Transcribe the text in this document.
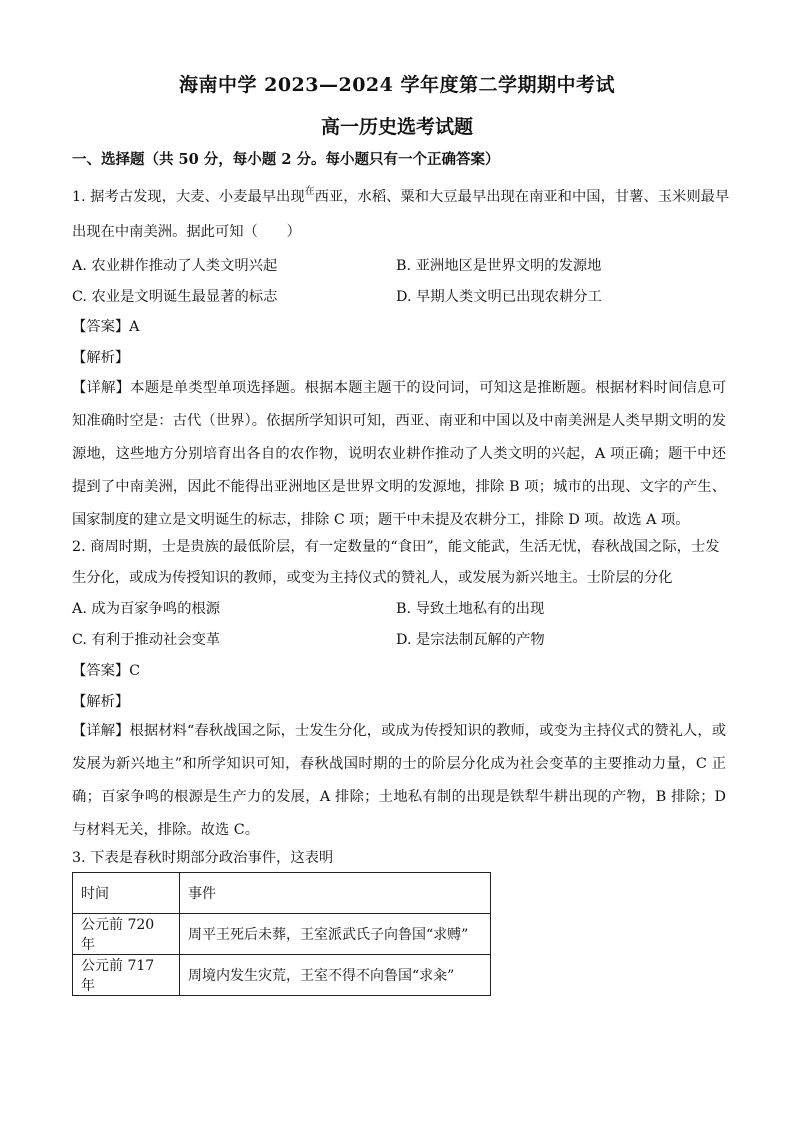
海南中学 2023—2024 学年度第二学期期中考试
高一历史选考试题
一、选择题（共 50 分，每小题 2 分。每小题只有一个正确答案）
1. 据考古发现，大麦、小麦最早出现$^在$西亚，水稻、粟和大豆最早出现在南亚和中国，甘薯、玉米则最早
出现在中南美洲。据此可知（　　）
A. 农业耕作推动了人类文明兴起	B. 亚洲地区是世界文明的发源地
C. 农业是文明诞生最显著的标志	D. 早期人类文明已出现农耕分工
【答案】A
【解析】
【详解】本题是单类型单项选择题。根据本题主题干的设问词，可知这是推断题。根据材料时间信息可知准确时空是：古代（世界）。依据所学知识可知，西亚、南亚和中国以及中南美洲是人类早期文明的发源地，这些地方分别培育出各自的农作物，说明农业耕作推动了人类文明的兴起，A 项正确；题干中还提到了中南美洲，因此不能得出亚洲地区是世界文明的发源地，排除 B 项；城市的出现、文字的产生、国家制度的建立是文明诞生的标志，排除 C 项；题干中未提及农耕分工，排除 D 项。故选 A 项。
2. 商周时期，士是贵族的最低阶层，有一定数量的“食田”，能文能武，生活无忧，春秋战国之际，士发
生分化，或成为传授知识的教师，或变为主持仪式的赞礼人，或发展为新兴地主。士阶层的分化
A. 成为百家争鸣的根源	B. 导致土地私有的出现
C. 有利于推动社会变革	D. 是宗法制瓦解的产物
【答案】C
【解析】
【详解】根据材料“春秋战国之际，士发生分化，或成为传授知识的教师，或变为主持仪式的赞礼人，或发展为新兴地主”和所学知识可知，春秋战国时期的士的阶层分化成为社会变革的主要推动力量，C 正确；百家争鸣的根源是生产力的发展，A 排除；土地私有制的出现是铁犁牛耕出现的产物，B 排除；D 与材料无关，排除。故选 C。
3. 下表是春秋时期部分政治事件，这表明
时间	事件
公元前 720 年	周平王死后未葬，王室派武氏子向鲁国“求赙”
公元前 717 年	周境内发生灾荒，王室不得不向鲁国“求籴”
